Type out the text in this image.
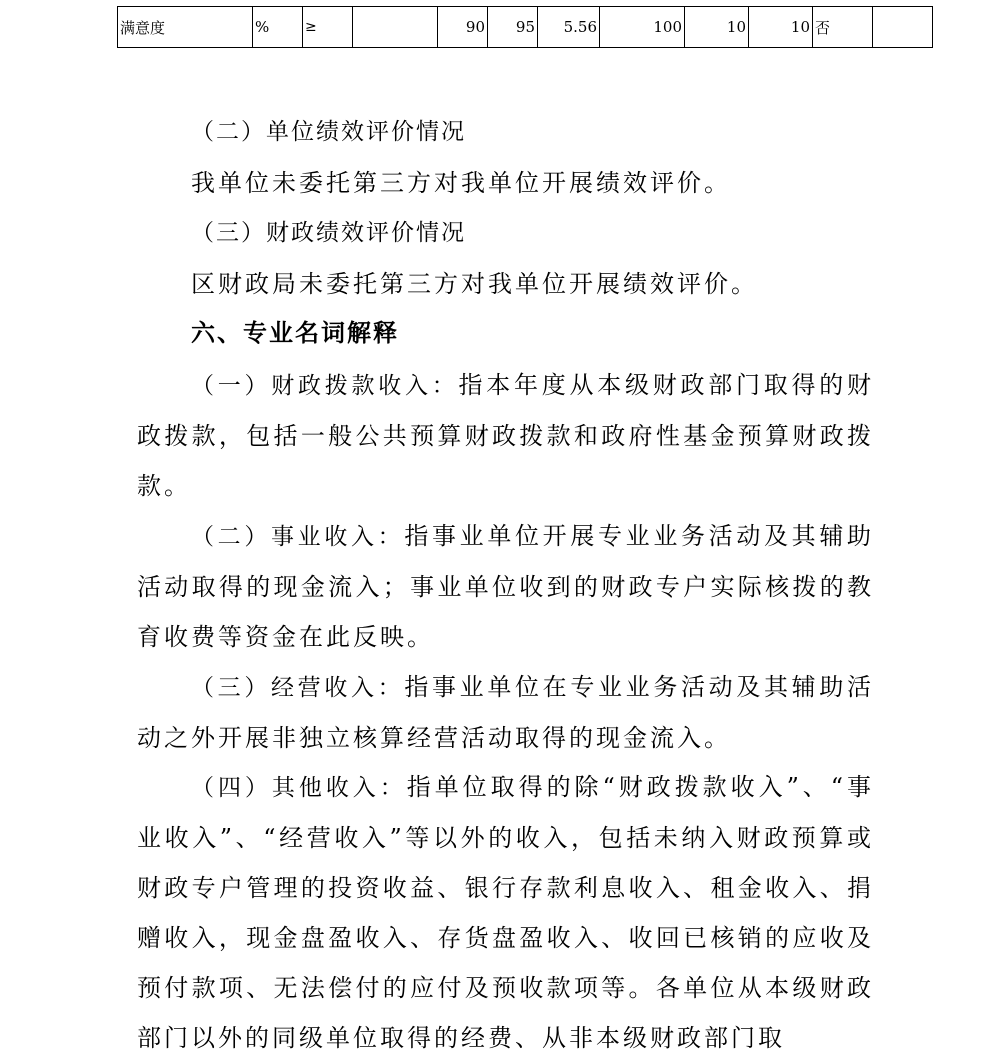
满意度	%	≥		90	95	5.56	100	10	10	否	

（二）单位绩效评价情况

我单位未委托第三方对我单位开展绩效评价。

（三）财政绩效评价情况

区财政局未委托第三方对我单位开展绩效评价。

六、专业名词解释

（一）财政拨款收入：指本年度从本级财政部门取得的财政拨款，包括一般公共预算财政拨款和政府性基金预算财政拨款。

（二）事业收入：指事业单位开展专业业务活动及其辅助活动取得的现金流入；事业单位收到的财政专户实际核拨的教育收费等资金在此反映。

（三）经营收入：指事业单位在专业业务活动及其辅助活动之外开展非独立核算经营活动取得的现金流入。

（四）其他收入：指单位取得的除“财政拨款收入”、“事业收入”、“经营收入”等以外的收入，包括未纳入财政预算或财政专户管理的投资收益、银行存款利息收入、租金收入、捐赠收入，现金盘盈收入、存货盘盈收入、收回已核销的应收及预付款项、无法偿付的应付及预收款项等。各单位从本级财政部门以外的同级单位取得的经费、从非本级财政部门取
